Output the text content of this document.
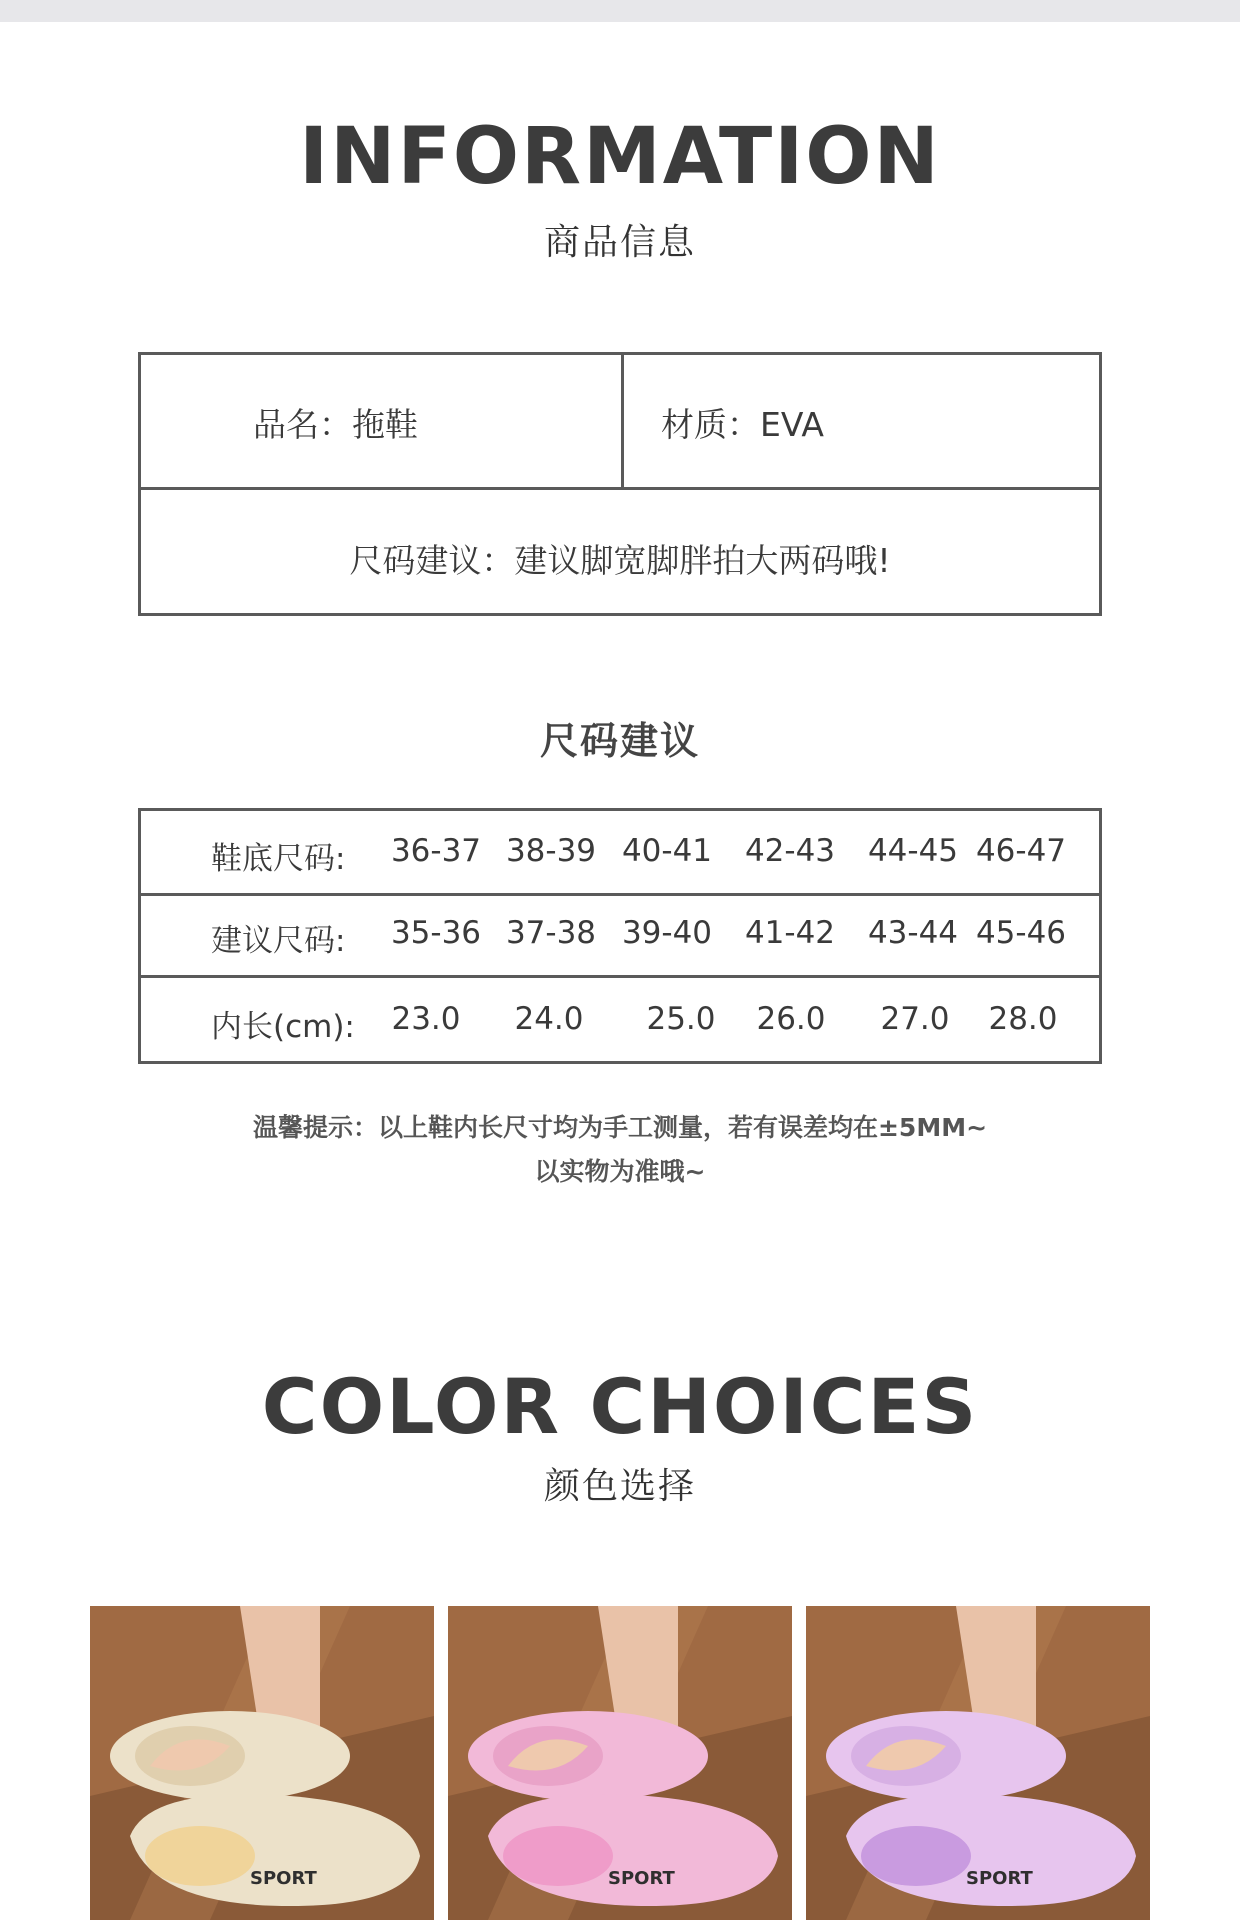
INFORMATION
商品信息
品名：拖鞋	材质：EVA
尺码建议：建议脚宽脚胖拍大两码哦!
尺码建议
鞋底尺码: 36-37 38-39 40-41 42-43 44-45 46-47
建议尺码: 35-36 37-38 39-40 41-42 43-44 45-46
内长(cm):	23.0	24.0	25.0	26.0	27.0	28.0
温馨提示：以上鞋内长尺寸均为手工测量，若有误差均在±5MM~
以实物为准哦~
COLOR CHOICES
颜色选择
SPORT	SPORT	SPORT
